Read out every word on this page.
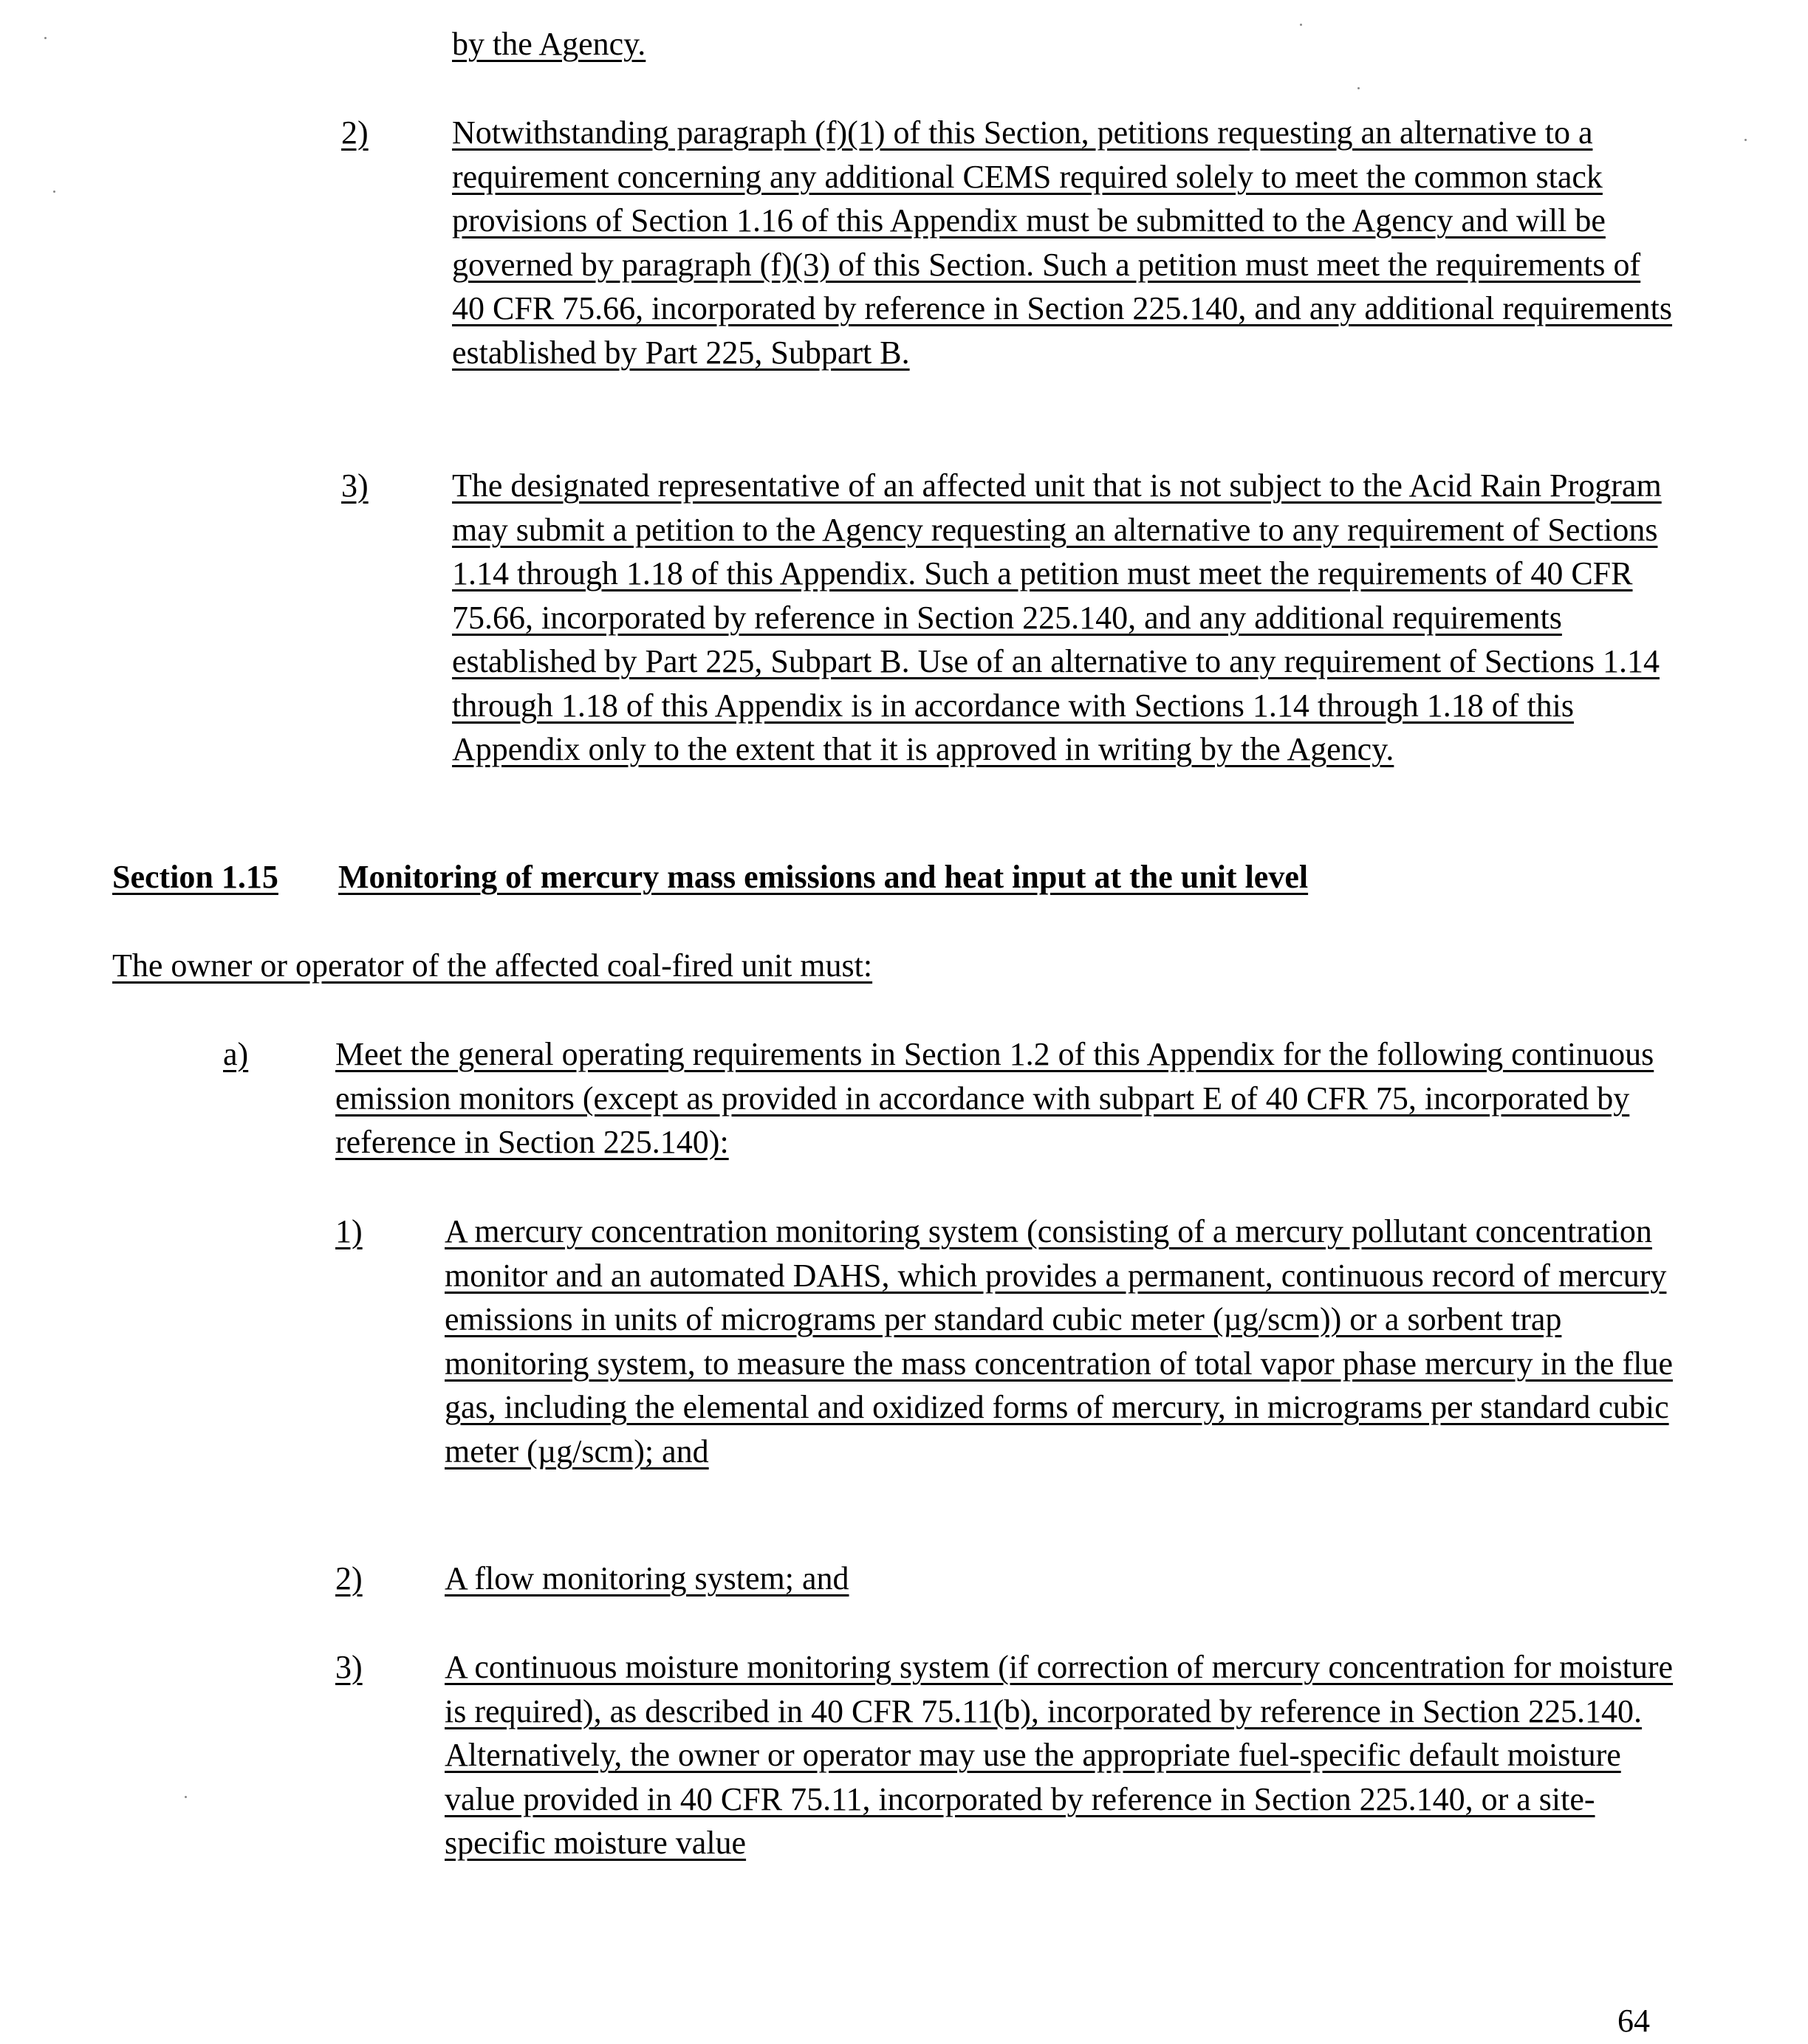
by the Agency.
2)	Notwithstanding paragraph (f)(1) of this Section, petitions requesting an alternative to a requirement concerning any additional CEMS required solely to meet the common stack provisions of Section 1.16 of this Appendix must be submitted to the Agency and will be governed by paragraph (f)(3) of this Section. Such a petition must meet the requirements of 40 CFR 75.66, incorporated by reference in Section 225.140, and any additional requirements established by Part 225, Subpart B.

3)	The designated representative of an affected unit that is not subject to the Acid Rain Program may submit a petition to the Agency requesting an alternative to any requirement of Sections 1.14 through 1.18 of this Appendix. Such a petition must meet the requirements of 40 CFR 75.66, incorporated by reference in Section 225.140, and any additional requirements established by Part 225, Subpart B. Use of an alternative to any requirement of Sections 1.14 through 1.18 of this Appendix is in accordance with Sections 1.14 through 1.18 of this Appendix only to the extent that it is approved in writing by the Agency.

Section 1.15 Monitoring of mercury mass emissions and heat input at the unit level
The owner or operator of the affected coal-fired unit must:
a)	Meet the general operating requirements in Section 1.2 of this Appendix for the following continuous emission monitors (except as provided in accordance with subpart E of 40 CFR 75, incorporated by reference in Section 225.140):

1)	A mercury concentration monitoring system (consisting of a mercury pollutant concentration monitor and an automated DAHS, which provides a permanent, continuous record of mercury emissions in units of micrograms per standard cubic meter (µg/scm)) or a sorbent trap monitoring system, to measure the mass concentration of total vapor phase mercury in the flue gas, including the elemental and oxidized forms of mercury, in micrograms per standard cubic meter (µg/scm); and

2)	A flow monitoring system; and

3)	A continuous moisture monitoring system (if correction of mercury concentration for moisture is required), as described in 40 CFR 75.11(b), incorporated by reference in Section 225.140. Alternatively, the owner or operator may use the appropriate fuel-specific default moisture value provided in 40 CFR 75.11, incorporated by reference in Section 225.140, or a site-specific moisture value

64
